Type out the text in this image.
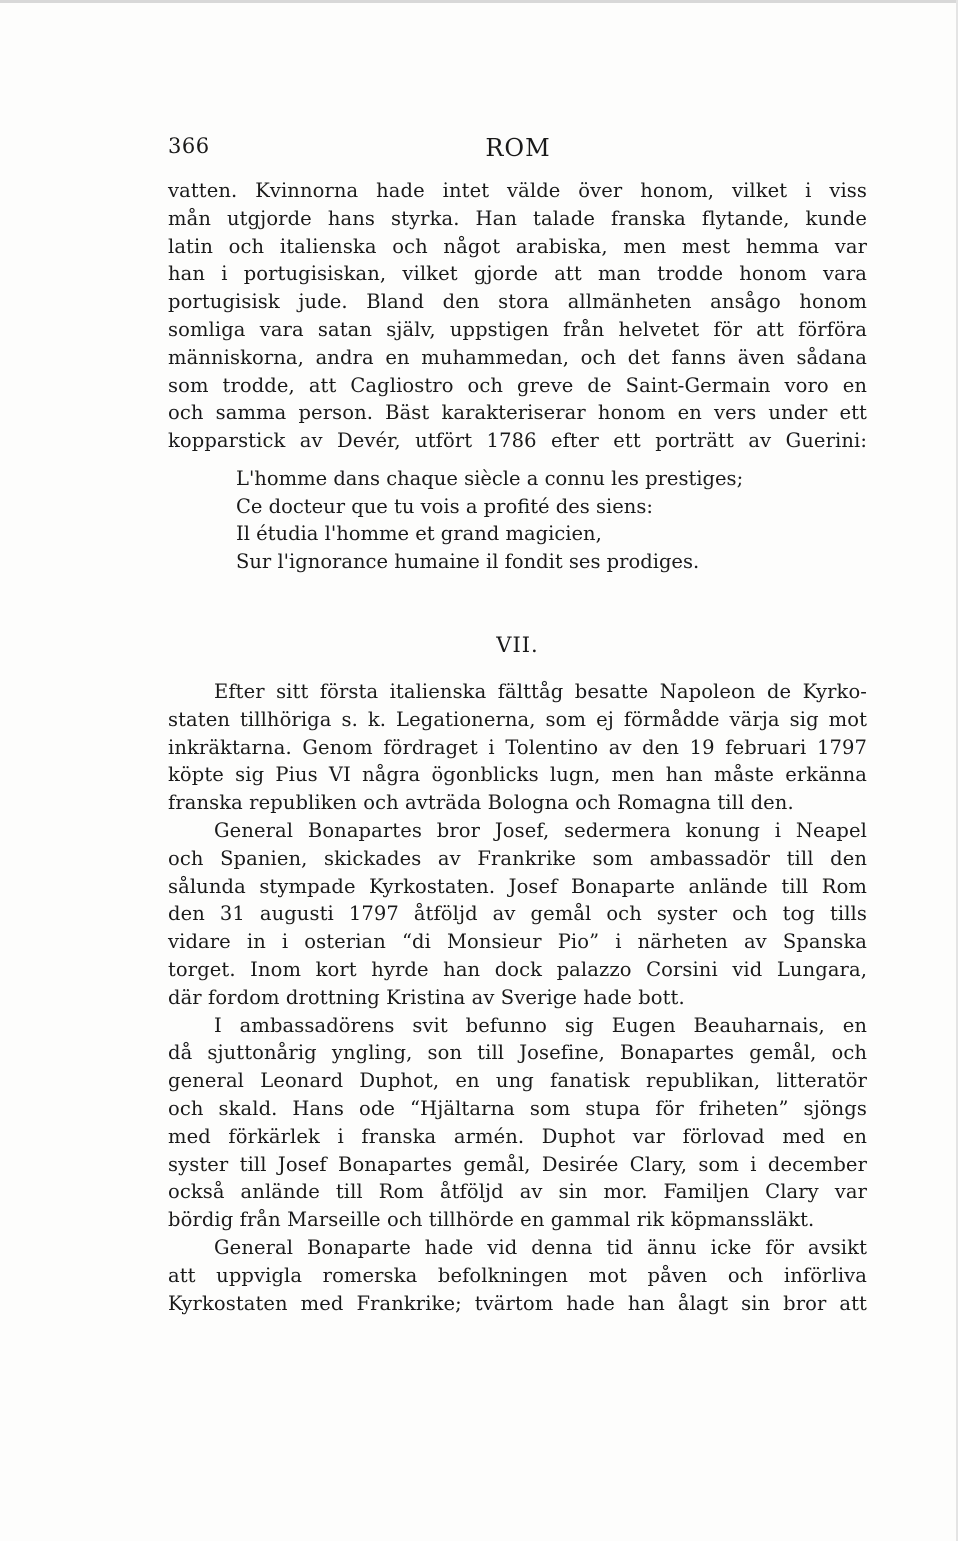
366	ROM
vatten. Kvinnorna hade intet välde över honom, vilket i viss
mån utgjorde hans styrka. Han talade franska flytande, kunde
latin och italienska och något arabiska, men mest hemma var
han i portugisiskan, vilket gjorde att man trodde honom vara
portugisisk jude. Bland den stora allmänheten ansågo honom
somliga vara satan själv, uppstigen från helvetet för att förföra
människorna, andra en muhammedan, och det fanns även sådana
som trodde, att Cagliostro och greve de Saint-Germain voro en
och samma person. Bäst karakteriserar honom en vers under ett
kopparstick av Devér, utfört 1786 efter ett porträtt av Guerini:
L'homme dans chaque siècle a connu les prestiges;
Ce docteur que tu vois a profité des siens:
Il étudia l'homme et grand magicien,
Sur l'ignorance humaine il fondit ses prodiges.
VII.
Efter sitt första italienska fälttåg besatte Napoleon de Kyrko-
staten tillhöriga s. k. Legationerna, som ej förmådde värja sig mot
inkräktarna. Genom fördraget i Tolentino av den 19 februari 1797
köpte sig Pius VI några ögonblicks lugn, men han måste erkänna
franska republiken och avträda Bologna och Romagna till den.
General Bonapartes bror Josef, sedermera konung i Neapel
och Spanien, skickades av Frankrike som ambassadör till den
sålunda stympade Kyrkostaten. Josef Bonaparte anlände till Rom
den 31 augusti 1797 åtföljd av gemål och syster och tog tills
vidare in i osterian “di Monsieur Pio” i närheten av Spanska
torget. Inom kort hyrde han dock palazzo Corsini vid Lungara,
där fordom drottning Kristina av Sverige hade bott.
I ambassadörens svit befunno sig Eugen Beauharnais, en
då sjuttonårig yngling, son till Josefine, Bonapartes gemål, och
general Leonard Duphot, en ung fanatisk republikan, litteratör
och skald. Hans ode “Hjältarna som stupa för friheten” sjöngs
med förkärlek i franska armén. Duphot var förlovad med en
syster till Josef Bonapartes gemål, Desirée Clary, som i december
också anlände till Rom åtföljd av sin mor. Familjen Clary var
bördig från Marseille och tillhörde en gammal rik köpmanssläkt.
General Bonaparte hade vid denna tid ännu icke för avsikt
att uppvigla romerska befolkningen mot påven och införliva
Kyrkostaten med Frankrike; tvärtom hade han ålagt sin bror att
